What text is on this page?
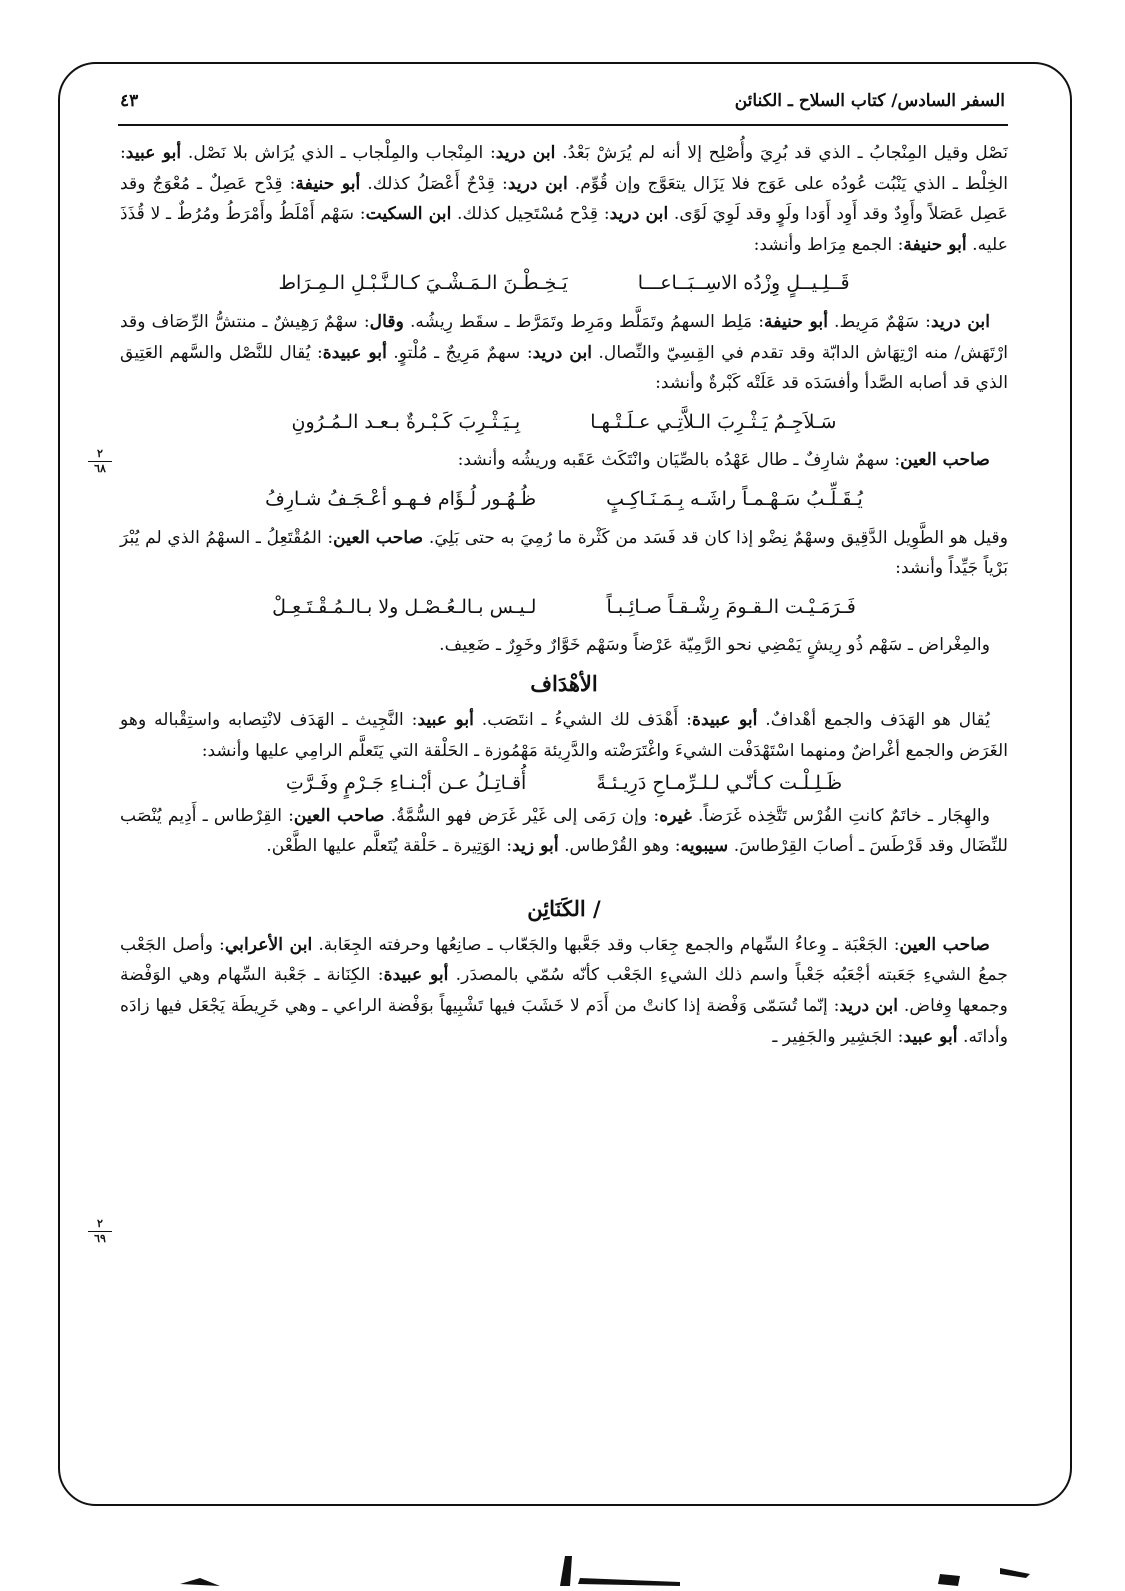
السفر السادس/ كتاب السلاح ـ الكنائن
٤٣
٢
٦٨
٢
٦٩

نَصْل وقيل المِنْجابُ ـ الذي قد بُرِيَ وأُصْلِح إلا أنه لم يُرَشْ بَعْدُ. ابن دريد: المِنْجاب والمِلْجاب ـ الذي يُرَاش بلا نَصْل. أبو عبيد: الخِلْط ـ الذي يَنْبُت عُودُه على عَوَج فلا يَزَال يتعَوَّج وإن قُوِّم. ابن دريد: قِدْحٌ أَعْصَلُ كذلك. أبو حنيفة: قِدْح عَصِلٌ ـ مُعْوَجٌ وقد عَصِل عَصَلاً وأَوِدٌ وقد أَوِد أَوَدا ولَوٍ وقد لَوِيَ لَوًى. ابن دريد: قِدْح مُسْتَحِيل كذلك. ابن السكيت: سَهْم أَمْلَطُ وأَمْرَطُ ومُرُطٌ ـ لا قُذَذَ عليه. أبو حنيفة: الجمع مِرَاط وأنشد:

قَــلِـيــلٍ وِزْدُه الاسِــبَــاعـــا
يَـخِـطْـنَ الـمَـشْـيَ كـالـنَّـبْـلِ الـمِـرَاط

ابن دريد: سَهْمٌ مَرِيط. أبو حنيفة: مَلِط السهمُ وتَمَلَّط ومَرِط وتَمَرَّط ـ سقَط رِيشُه. وقال: سهْمٌ رَهِيشٌ ـ منتشُّ الرِّصَاف وقد ارْتَهَش/ منه ارْتِهَاش الدابّة وقد تقدم في القِسِيّ والنِّصال. ابن دريد: سهمٌ مَرِيجٌ ـ مُلْتوٍ. أبو عبيدة: يُقال للنَّصْل والسَّهم العَتِيق الذي قد أصابه الصَّدأ وأفسَدَه قد عَلَتْه كَبْرةٌ وأنشد:

سَـلاَجِـمُ يَـثْـرِبَ الـلاَّتِـي عـلَـتْـهـا
بِـيَـثْـرِبَ كَـبْـرةٌ بـعـد الـمُـرُونِ

صاحب العين: سهمٌ شارِفٌ ـ طال عَهْدُه بالصِّيَان وانْتَكَث عَقَبه وريشُه وأنشد:

يُـقَـلِّـبُ سَـهْـمـاً راشَـه بِـمَـنَـاكِـبٍ
ظُـهُـور لُـؤَام فـهـو أعْـجَـفُ شـارِفُ

وقيل هو الطَّوِيل الدَّقِيق وسهْمٌ نِضْو إذا كان قد فَسَد من كَثْرة ما رُمِيَ به حتى بَلِيَ. صاحب العين: المُقْتَعِلُ ـ السهْمُ الذي لم يُبْرَ بَرْياً جَيِّداً وأنشد:

فَـرَمَـيْـت الـقـومَ رِشْـقـاً صـائِـبـاً
لـيـس بـالـعُـصْـل ولا بـالـمُـقْـتَـعِـلْ

والمِغْراض ـ سَهْم ذُو رِيشٍ يَمْضِي نحو الرَّمِيّة عَرْضاً وسَهْم خَوَّارٌ وخَوِرٌ ـ ضَعِيف.

الأهْدَاف

يُقال هو الهَدَف والجمع أهْدافٌ. أبو عبيدة: أَهْدَف لك الشيءُ ـ انتَصَب. أبو عبيد: النَّجِيث ـ الهَدَف لانْتِصابه واستِقْباله وهو الغَرَض والجمع أغْراضٌ ومنهما اسْتَهْدَفْت الشيءَ واغْتَرَضْته والدَّرِيئة مَهْمُوزة ـ الحَلْقة التي يَتَعلَّم الرامِي عليها وأنشد:

ظَـلِـلْـت كـأنّـي لـلـرِّمـاحِ دَرِيـئـةً
أُقـاتِـلُ عـن أبْـنـاءِ جَـرْمٍ وفَـرَّتِ

والهِجَار ـ خاتَمٌ كانتِ الفُرْس تَتَّخِذه غَرَضاً. غيره: وإن رَمَى إلى غَيْر غَرَض فهو السُّمَّةُ. صاحب العين: القِرْطاس ـ أَدِيم يُنْصَب للنِّضَال وقد قَرْطَسَ ـ أصابَ القِرْطاسَ. سيبويه: وهو القُرْطاس. أبو زيد: الوَتِيرة ـ حَلْقة يُتَعلَّم عليها الطَّعْن.

/ الكَنَائِن

صاحب العين: الجَعْبَة ـ وِعاءُ السِّهام والجمع جِعَاب وقد جَعَّبها والجَعّاب ـ صانِعُها وحرفته الجِعَابة. ابن الأعرابي: وأصل الجَعْب جمعُ الشيءِ جَعَبته أجْعَبُه جَعْباً واسم ذلك الشيءِ الجَعْب كأنّه سُمّي بالمصدَر. أبو عبيدة: الكِنَانة ـ جَعْبة السِّهام وهي الوَفْضة وجمعها وِفاض. ابن دريد: إنّما تُسَمّى وَفْضة إذا كانتْ من أَدَم لا خَشَبَ فيها تَشْبِيهاً بوَفْضة الراعي ـ وهي خَرِيطَة يَجْعَل فيها زادَه وأداتَه. أبو عبيد: الجَشِير والجَفِير ـ
